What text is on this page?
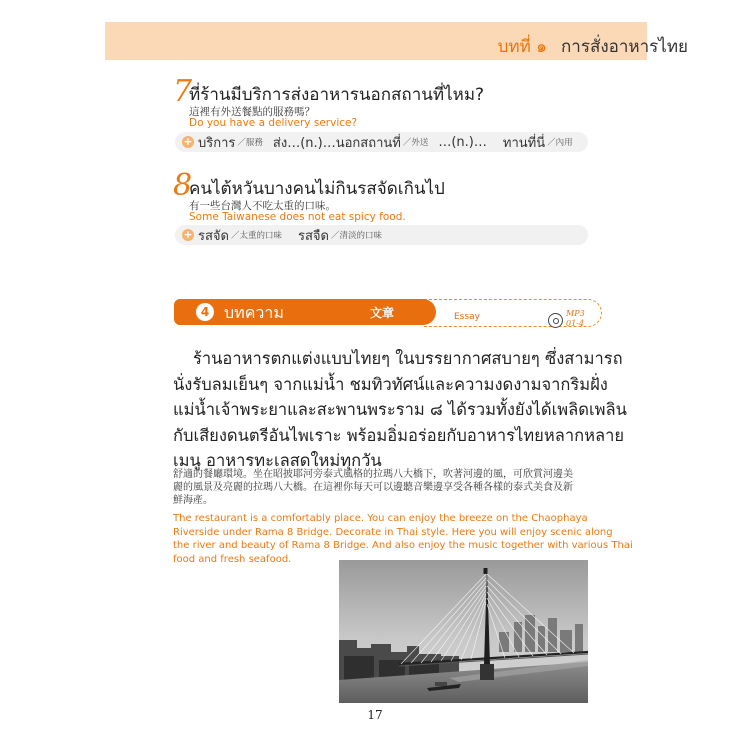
บทที่ ๑ การสั่งอาหารไทย
7
ที่ร้านมีบริการส่งอาหารนอกสถานที่ไหม?
這裡有外送餐點的服務嗎？
Do you have a delivery service?
+ บริการ ／服務 ส่ง…(n.)…นอกสถานที่ ／外送 …(n.)… ทานที่นี่ ／內用
8
คนไต้หวันบางคนไม่กินรสจัดเกินไป
有一些台灣人不吃太重的口味。
Some Taiwanese does not eat spicy food.
+ รสจัด ／太重的口味 รสจืด ／清淡的口味
4 บทความ	文章	Essay	MP3
01-4

ร้านอาหารตกแต่งแบบไทยๆ ในบรรยากาศสบายๆ ซึ่งสามารถ

นั่งรับลมเย็นๆ จากแม่น้ำ ชมทิวทัศน์และความงดงามจากริมฝั่ง

แม่น้ำเจ้าพระยาและสะพานพระราม ๘ ได้รวมทั้งยังได้เพลิดเพลิน

กับเสียงดนตรีอันไพเราะ พร้อมอิ่มอร่อยกับอาหารไทยหลากหลาย

เมนู อาหารทะเลสดใหม่ทุกวัน

舒適的餐廳環境。坐在昭披耶河旁泰式風格的拉瑪八大橋下，吹著河邊的風，可欣賞河邊美
麗的風景及亮麗的拉瑪八大橋。在這裡你每天可以邊聽音樂邊享受各種各樣的泰式美食及新
鮮海產。
The restaurant is a comfortably place. You can enjoy the breeze on the Chaophaya
Riverside under Rama 8 Bridge. Decorate in Thai style. Here you will enjoy scenic along
the river and beauty of Rama 8 Bridge. And also enjoy the music together with various Thai
food and fresh seafood.
17
